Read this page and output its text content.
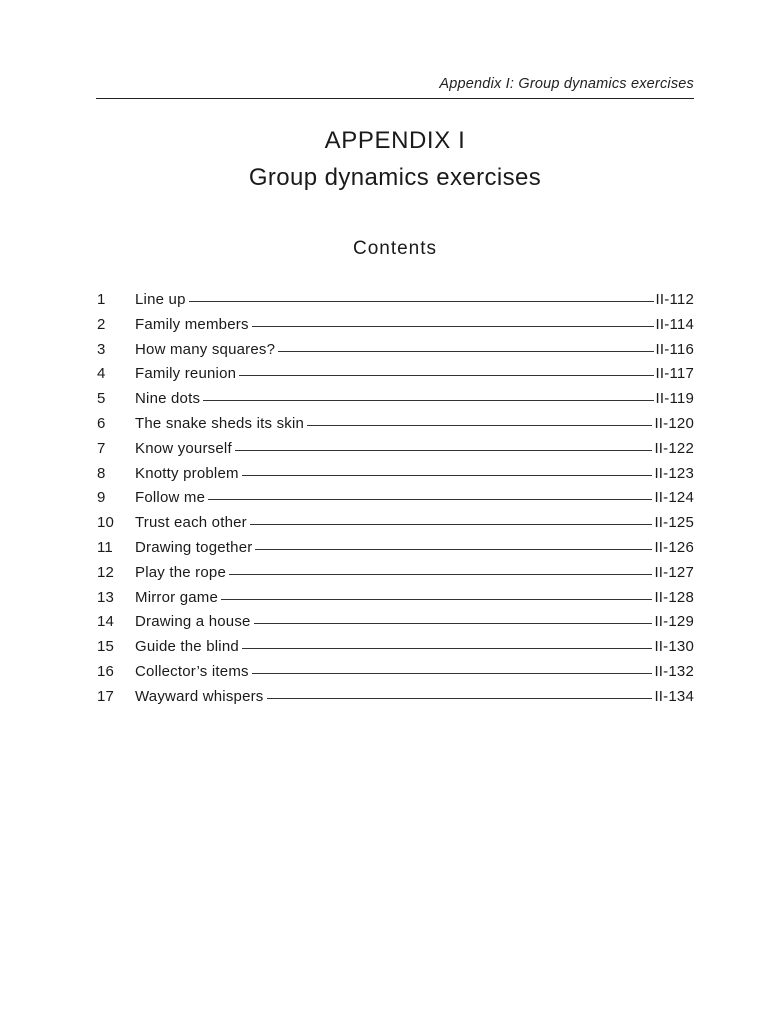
Appendix I: Group dynamics exercises
APPENDIX I
Group dynamics exercises
Contents
1	Line up	II-112
2	Family members	II-114
3	How many squares?	II-116
4	Family reunion	II-117
5	Nine dots	II-119
6	The snake sheds its skin	II-120
7	Know yourself	II-122
8	Knotty problem	II-123
9	Follow me	II-124
10	Trust each other	II-125
11	Drawing together	II-126
12	Play the rope	II-127
13	Mirror game	II-128
14	Drawing a house	II-129
15	Guide the blind	II-130
16	Collector’s items	II-132
17	Wayward whispers	II-134
